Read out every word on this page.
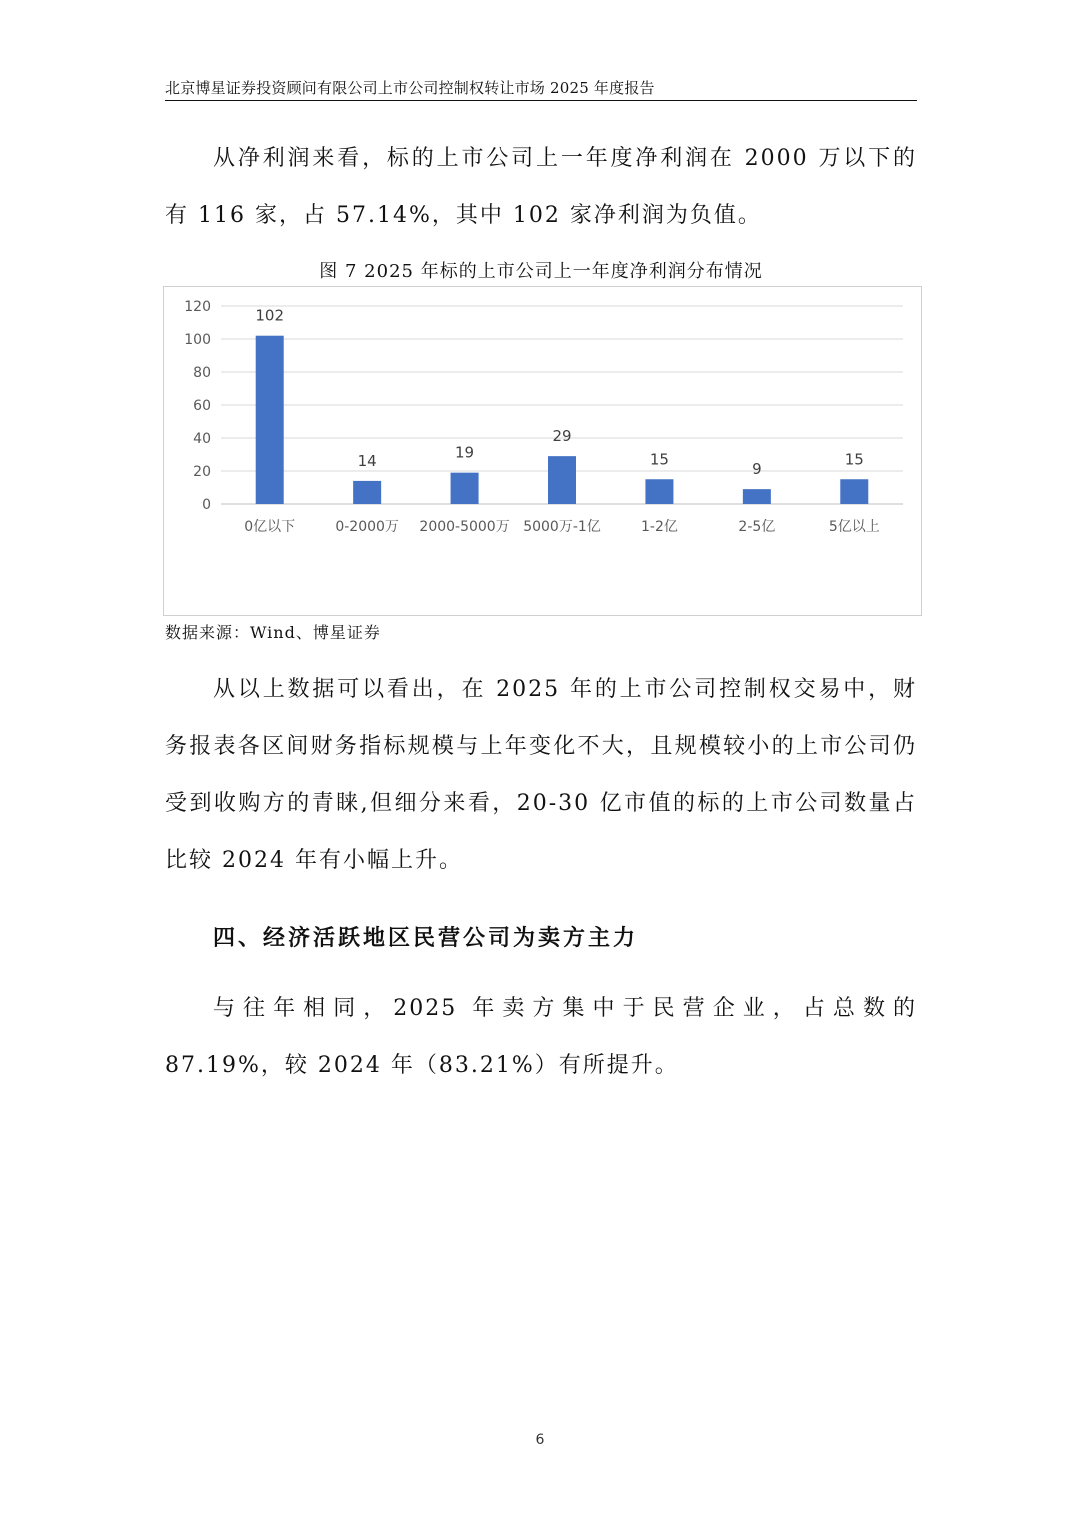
北京博星证券投资顾问有限公司上市公司控制权转让市场 2025 年度报告

从净利润来看，标的上市公司上一年度净利润在 2000 万以下的有 116 家，占 57.14%，其中 102 家净利润为负值。

图 7 2025 年标的上市公司上一年度净利润分布情况
0
20
40
60
80
100
120	102
0亿以下
14
0-2000万
19
2000-5000万
29
5000万-1亿
15
1-2亿
9
2-5亿
15
5亿以上
数据来源：Wind、博星证券

从以上数据可以看出，在 2025 年的上市公司控制权交易中，财务报表各区间财务指标规模与上年变化不大，且规模较小的上市公司仍受到收购方的青睐,但细分来看，20-30 亿市值的标的上市公司数量占比较 2024 年有小幅上升。

四、经济活跃地区民营公司为卖方主力

与往年相同，2025 年卖方集中于民营企业，占总数的 87.19%，较 2024 年（83.21%）有所提升。

6
